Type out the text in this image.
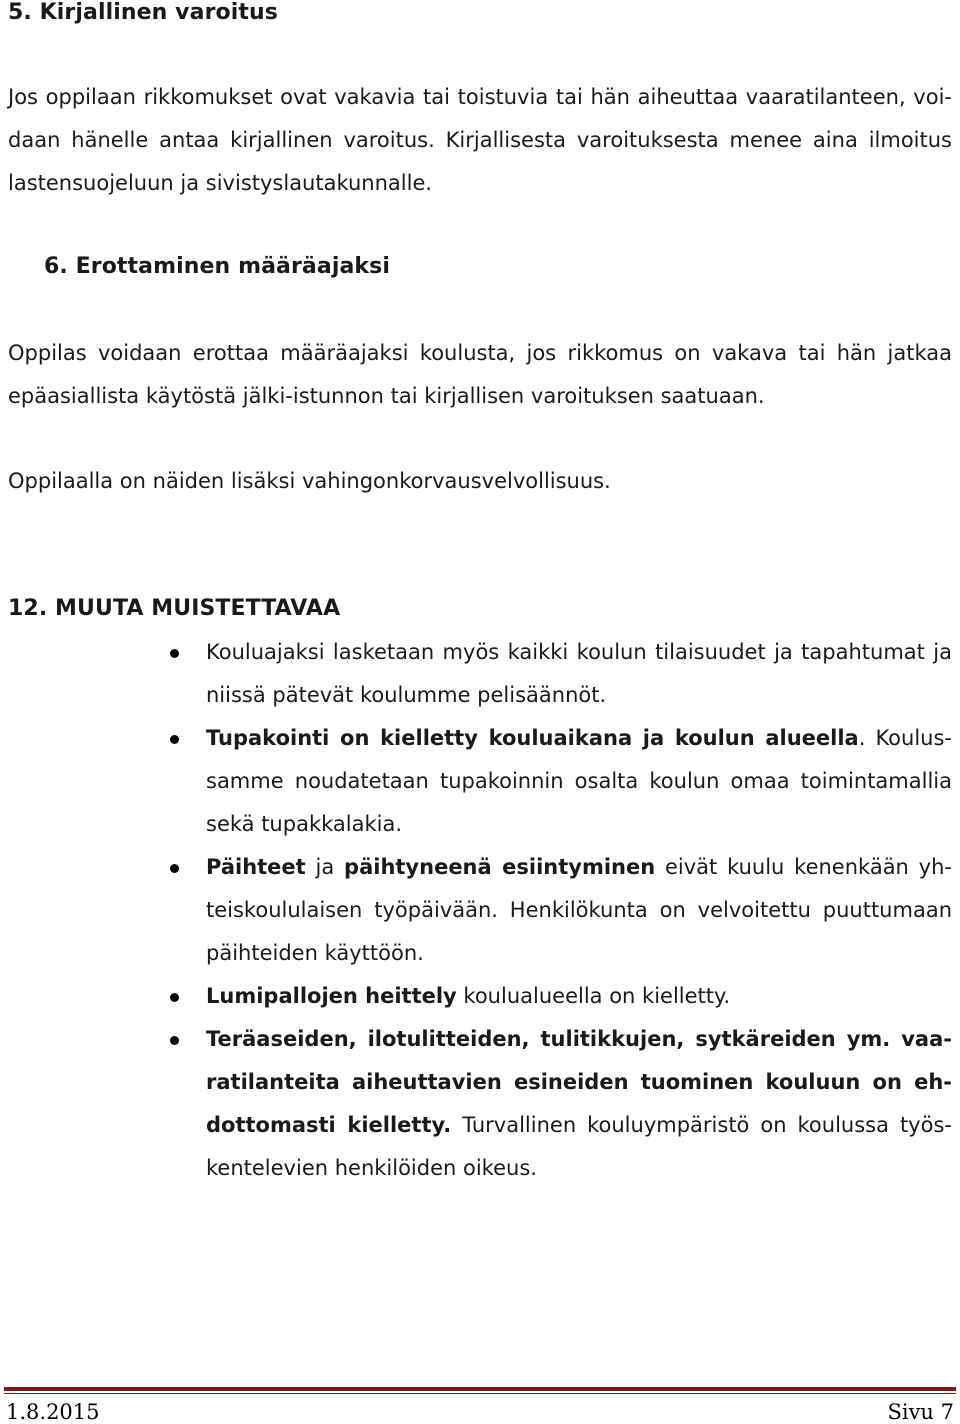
5. Kirjallinen varoitus

Jos oppilaan rikkomukset ovat vakavia tai toistuvia tai hän aiheuttaa vaaratilanteen, voidaan hänelle antaa kirjallinen varoitus. Kirjallisesta varoituksesta menee aina ilmoitus lastensuojeluun ja sivistyslautakunnalle.

6. Erottaminen määräajaksi

Oppilas voidaan erottaa määräajaksi koulusta, jos rikkomus on vakava tai hän jatkaa epäasiallista käytöstä jälki-istunnon tai kirjallisen varoituksen saatuaan.

Oppilaalla on näiden lisäksi vahingonkorvausvelvollisuus.

12. MUUTA MUISTETTAVAA
Kouluajaksi lasketaan myös kaikki koulun tilaisuudet ja tapahtumat ja niissä pätevät koulumme pelisäännöt.
Tupakointi on kielletty kouluaikana ja koulun alueella. Koulussamme noudatetaan tupakoinnin osalta koulun omaa toimintamallia sekä tupakkalakia.
Päihteet ja päihtyneenä esiintyminen eivät kuulu kenenkään yhteiskoululaisen työpäivään. Henkilökunta on velvoitettu puuttumaan päihteiden käyttöön.
Lumipallojen heittely koulualueella on kielletty.
Teräaseiden, ilotulitteiden, tulitikkujen, sytkäreiden ym. vaaratilanteita aiheuttavien esineiden tuominen kouluun on ehdottomasti kielletty. Turvallinen kouluympäristö on koulussa työskentelevien henkilöiden oikeus.
1.8.2015	Sivu 7
